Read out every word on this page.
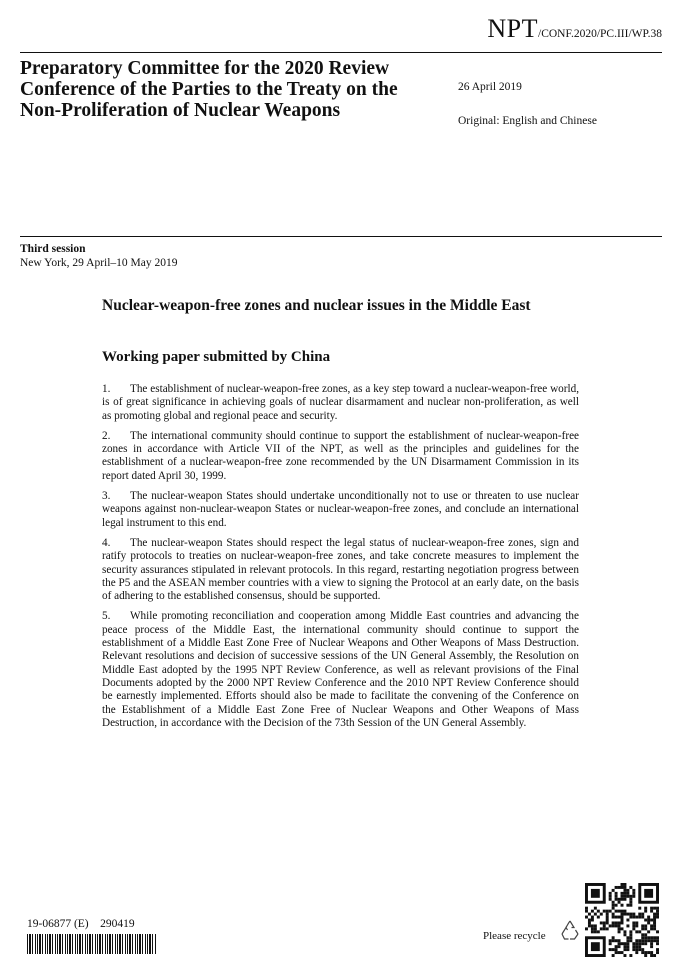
NPT/CONF.2020/PC.III/WP.38
Preparatory Committee for the 2020 Review Conference of the Parties to the Treaty on the Non-Proliferation of Nuclear Weapons
26 April 2019
Original: English and Chinese
Third session
New York, 29 April–10 May 2019
Nuclear-weapon-free zones and nuclear issues in the Middle East
Working paper submitted by China

1. The establishment of nuclear-weapon-free zones, as a key step toward a nuclear-weapon-free world, is of great significance in achieving goals of nuclear disarmament and nuclear non-proliferation, as well as promoting global and regional peace and security.

2. The international community should continue to support the establishment of nuclear-weapon-free zones in accordance with Article VII of the NPT, as well as the principles and guidelines for the establishment of a nuclear-weapon-free zone recommended by the UN Disarmament Commission in its report dated April 30, 1999.

3. The nuclear-weapon States should undertake unconditionally not to use or threaten to use nuclear weapons against non-nuclear-weapon States or nuclear-weapon-free zones, and conclude an international legal instrument to this end.

4. The nuclear-weapon States should respect the legal status of nuclear-weapon-free zones, sign and ratify protocols to treaties on nuclear-weapon-free zones, and take concrete measures to implement the security assurances stipulated in relevant protocols. In this regard, restarting negotiation progress between the P5 and the ASEAN member countries with a view to signing the Protocol at an early date, on the basis of adhering to the established consensus, should be supported.

5. While promoting reconciliation and cooperation among Middle East countries and advancing the peace process of the Middle East, the international community should continue to support the establishment of a Middle East Zone Free of Nuclear Weapons and Other Weapons of Mass Destruction. Relevant resolutions and decision of successive sessions of the UN General Assembly, the Resolution on Middle East adopted by the 1995 NPT Review Conference, as well as relevant provisions of the Final Documents adopted by the 2000 NPT Review Conference and the 2010 NPT Review Conference should be earnestly implemented. Efforts should also be made to facilitate the convening of the Conference on the Establishment of a Middle East Zone Free of Nuclear Weapons and Other Weapons of Mass Destruction, in accordance with the Decision of the 73th Session of the UN General Assembly.

19-06877 (E)    290419
Please recycle
